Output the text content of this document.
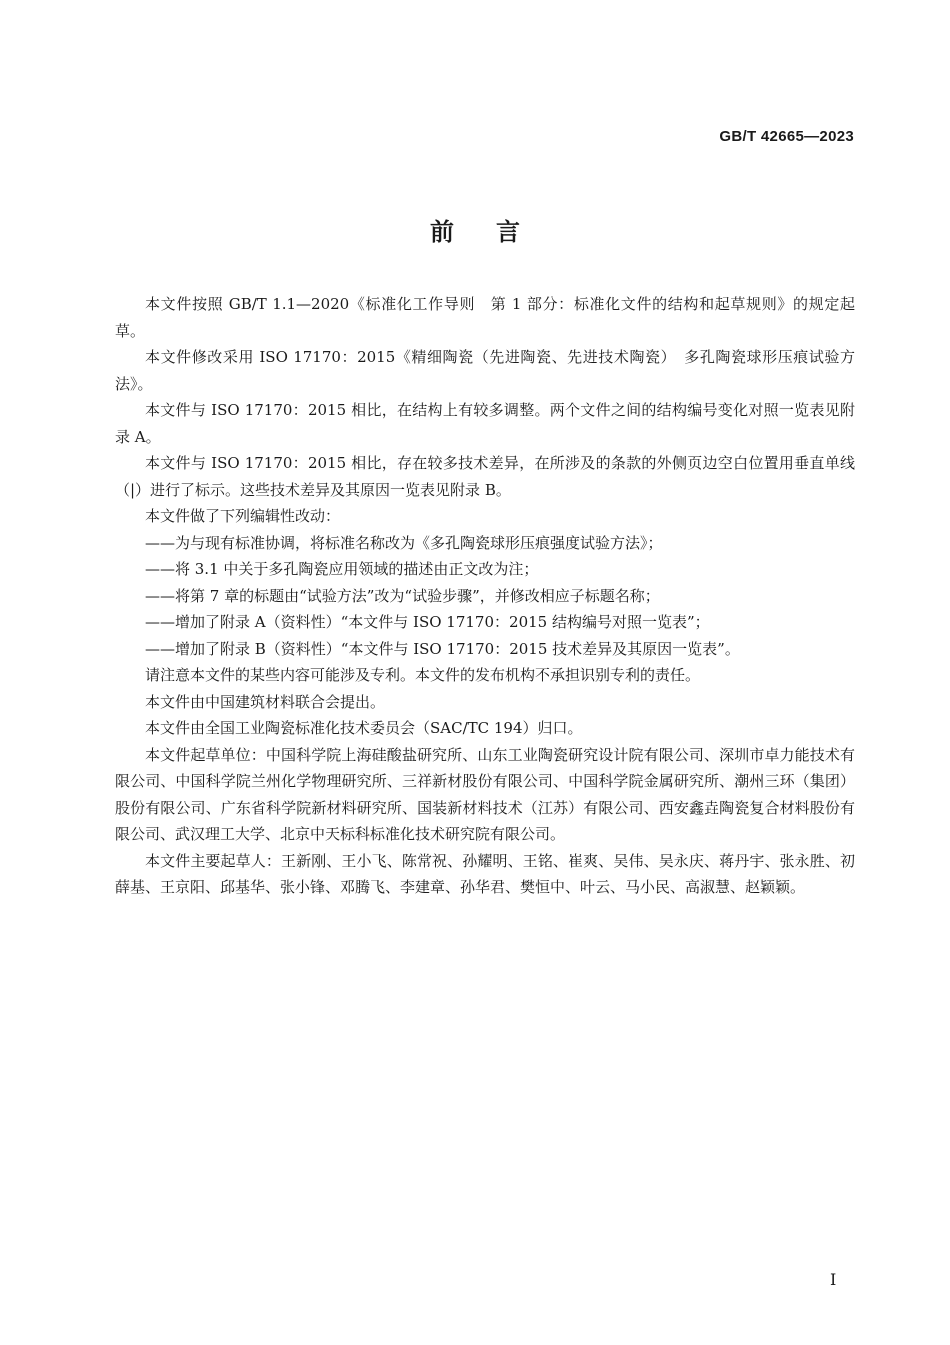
GB/T 42665—2023
前言

本文件按照 GB/T 1.1—2020《标准化工作导则　第 1 部分：标准化文件的结构和起草规则》的规定起草。

本文件修改采用 ISO 17170：2015《精细陶瓷（先进陶瓷、先进技术陶瓷）　多孔陶瓷球形压痕试验方法》。

本文件与 ISO 17170：2015 相比，在结构上有较多调整。两个文件之间的结构编号变化对照一览表见附录 A。

本文件与 ISO 17170：2015 相比，存在较多技术差异，在所涉及的条款的外侧页边空白位置用垂直单线（|）进行了标示。这些技术差异及其原因一览表见附录 B。

本文件做了下列编辑性改动：

——为与现有标准协调，将标准名称改为《多孔陶瓷球形压痕强度试验方法》；

——将 3.1 中关于多孔陶瓷应用领域的描述由正文改为注；

——将第 7 章的标题由“试验方法”改为“试验步骤”，并修改相应子标题名称；

——增加了附录 A（资料性）“本文件与 ISO 17170：2015 结构编号对照一览表”；

——增加了附录 B（资料性）“本文件与 ISO 17170：2015 技术差异及其原因一览表”。

请注意本文件的某些内容可能涉及专利。本文件的发布机构不承担识别专利的责任。

本文件由中国建筑材料联合会提出。

本文件由全国工业陶瓷标准化技术委员会（SAC/TC 194）归口。

本文件起草单位：中国科学院上海硅酸盐研究所、山东工业陶瓷研究设计院有限公司、深圳市卓力能技术有限公司、中国科学院兰州化学物理研究所、三祥新材股份有限公司、中国科学院金属研究所、潮州三环（集团）股份有限公司、广东省科学院新材料研究所、国装新材料技术（江苏）有限公司、西安鑫垚陶瓷复合材料股份有限公司、武汉理工大学、北京中天标科标准化技术研究院有限公司。

本文件主要起草人：王新刚、王小飞、陈常祝、孙耀明、王铭、崔爽、吴伟、吴永庆、蒋丹宇、张永胜、初薛基、王京阳、邱基华、张小锋、邓腾飞、李建章、孙华君、樊恒中、叶云、马小民、高淑慧、赵颖颖。

I
